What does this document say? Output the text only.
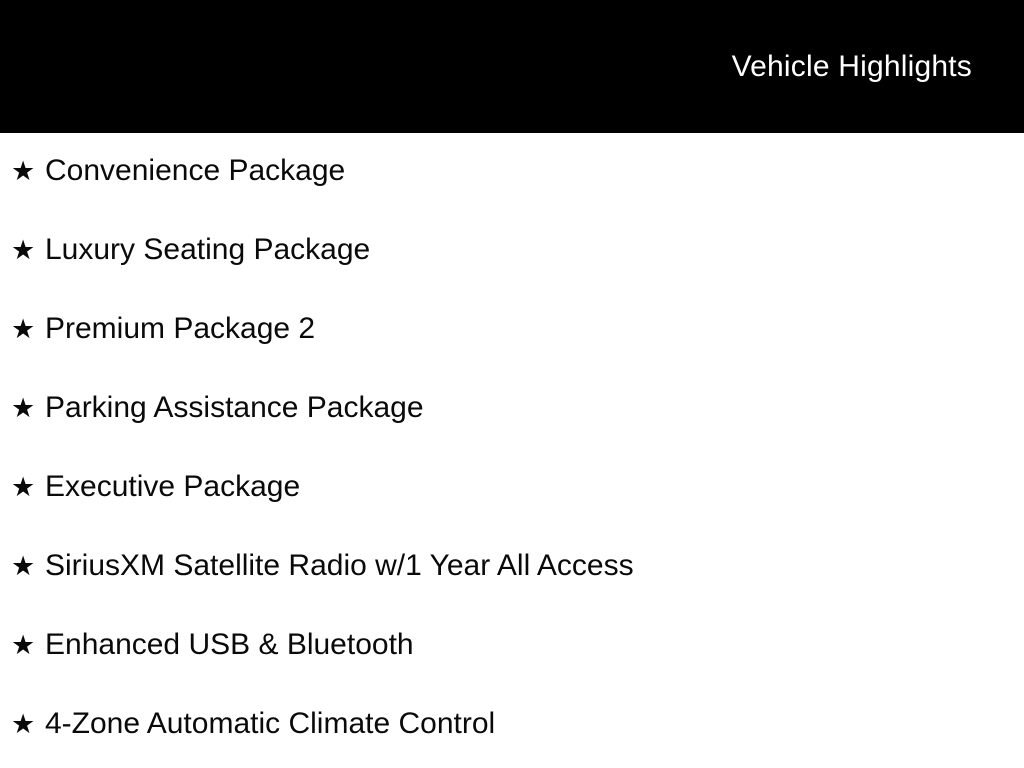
Vehicle Highlights
★ Convenience Package
★ Luxury Seating Package
★ Premium Package 2
★ Parking Assistance Package
★ Executive Package
★ SiriusXM Satellite Radio w/1 Year All Access
★ Enhanced USB & Bluetooth
★ 4-Zone Automatic Climate Control
